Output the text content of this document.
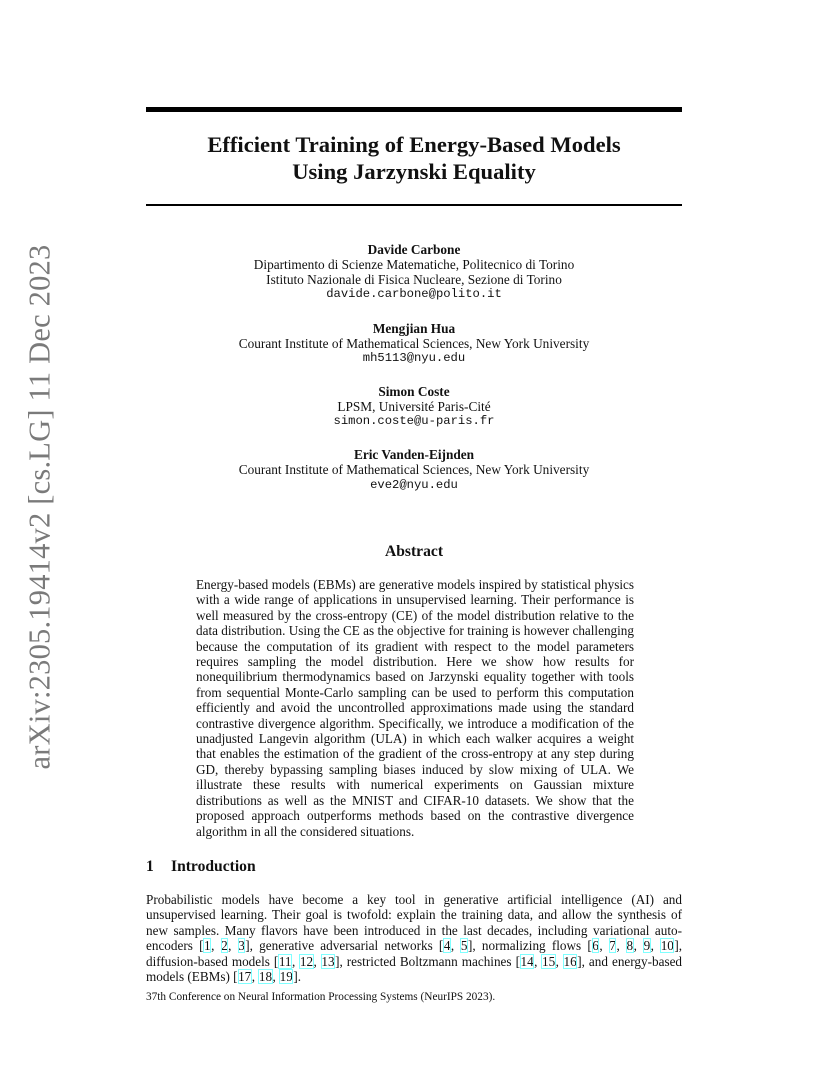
arXiv:2305.19414v2 [cs.LG] 11 Dec 2023
Efficient Training of Energy-Based Models
Using Jarzynski Equality
Davide Carbone
Dipartimento di Scienze Matematiche, Politecnico di Torino
Istituto Nazionale di Fisica Nucleare, Sezione di Torino
davide.carbone@polito.it
Mengjian Hua
Courant Institute of Mathematical Sciences, New York University
mh5113@nyu.edu
Simon Coste
LPSM, Université Paris-Cité
simon.coste@u-paris.fr
Eric Vanden-Eijnden
Courant Institute of Mathematical Sciences, New York University
eve2@nyu.edu
Abstract
Energy-based models (EBMs) are generative models inspired by statistical physics with a wide range of applications in unsupervised learning. Their performance is well measured by the cross-entropy (CE) of the model distribution relative to the data distribution. Using the CE as the objective for training is however challenging because the computation of its gradient with respect to the model parameters requires sampling the model distribution. Here we show how results for nonequilibrium thermodynamics based on Jarzynski equality together with tools from sequential Monte-Carlo sampling can be used to perform this computation efficiently and avoid the uncontrolled approximations made using the standard contrastive divergence algorithm. Specifically, we introduce a modification of the unadjusted Langevin algorithm (ULA) in which each walker acquires a weight that enables the estimation of the gradient of the cross-entropy at any step during GD, thereby bypassing sampling biases induced by slow mixing of ULA. We illustrate these results with numerical experiments on Gaussian mixture distributions as well as the MNIST and CIFAR-10 datasets. We show that the proposed approach outperforms methods based on the contrastive divergence algorithm in all the considered situations.
1 Introduction
Probabilistic models have become a key tool in generative artificial intelligence (AI) and unsupervised learning. Their goal is twofold: explain the training data, and allow the synthesis of new samples. Many flavors have been introduced in the last decades, including variational auto-encoders [1, 2, 3], generative adversarial networks [4, 5], normalizing flows [6, 7, 8, 9, 10], diffusion-based models [11, 12, 13], restricted Boltzmann machines [14, 15, 16], and energy-based models (EBMs) [17, 18, 19].
37th Conference on Neural Information Processing Systems (NeurIPS 2023).
